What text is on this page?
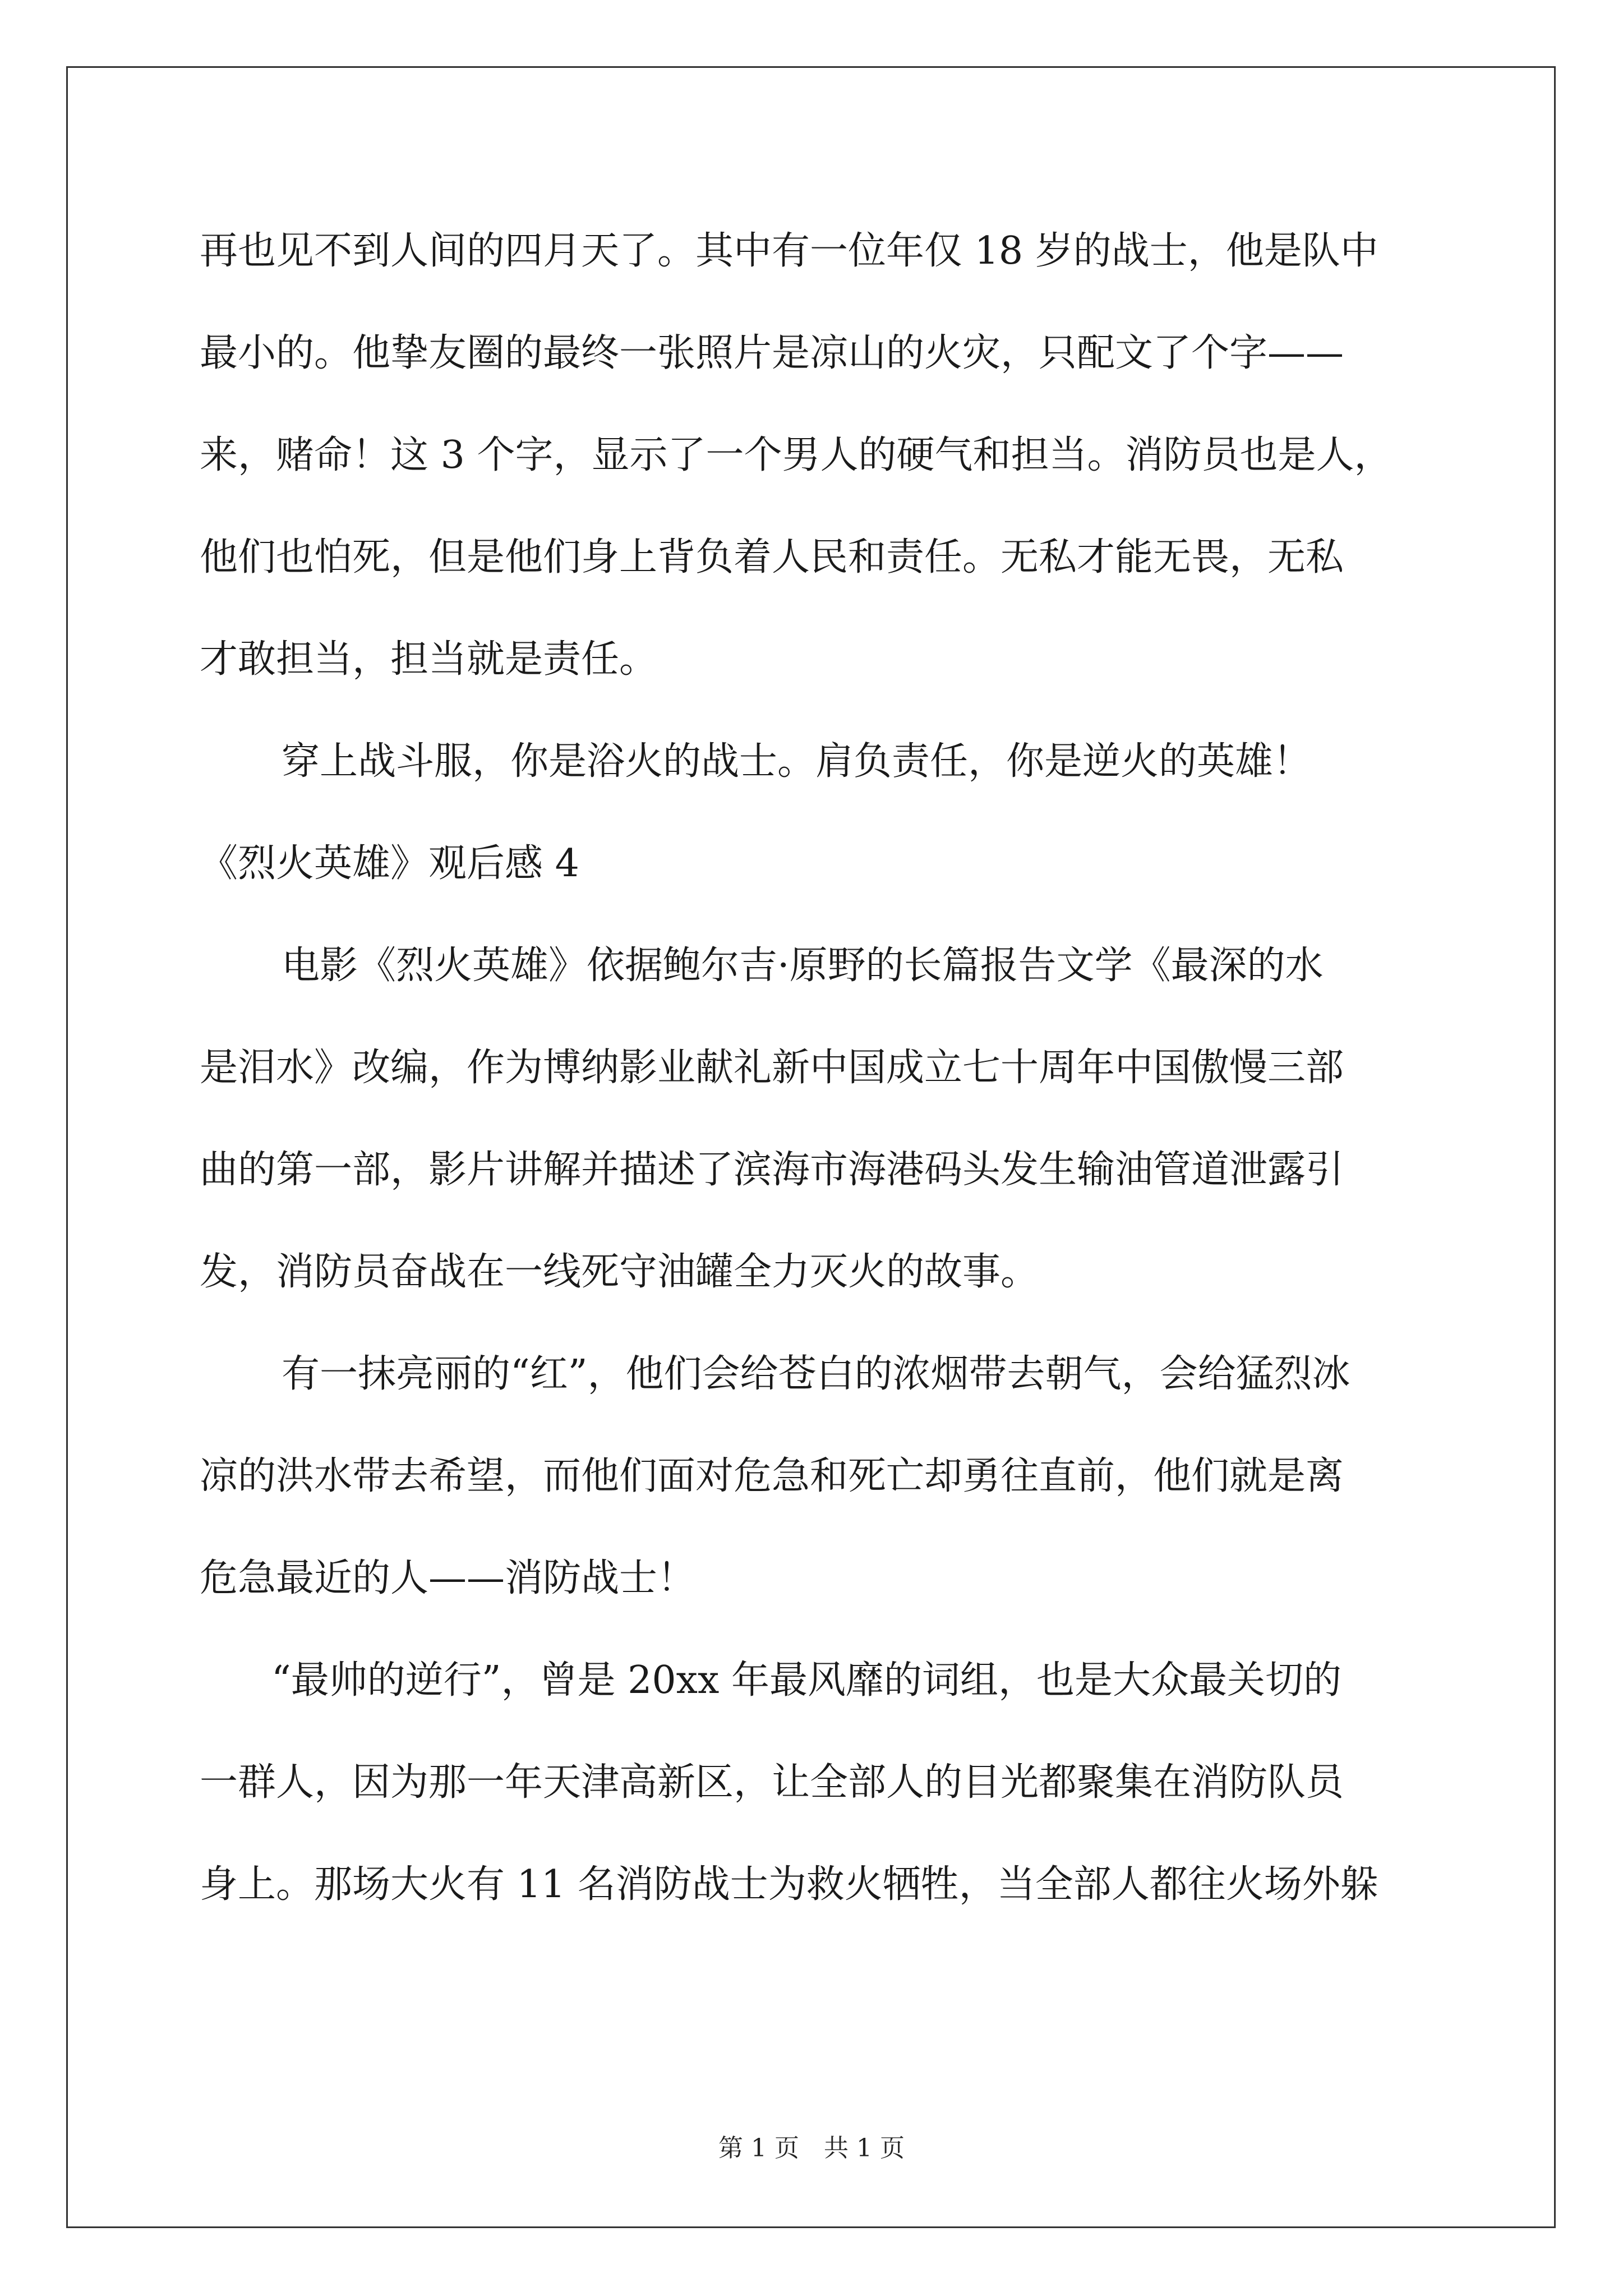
再也见不到人间的四月天了。其中有一位年仅 18 岁的战士，他是队中
最小的。他挚友圈的最终一张照片是凉山的火灾，只配文了个字——
来，赌命！这 3 个字，显示了一个男人的硬气和担当。消防员也是人，
他们也怕死，但是他们身上背负着人民和责任。无私才能无畏，无私
才敢担当，担当就是责任。
穿上战斗服，你是浴火的战士。肩负责任，你是逆火的英雄！
《烈火英雄》观后感 4
电影《烈火英雄》依据鲍尔吉·原野的长篇报告文学《最深的水
是泪水》改编，作为博纳影业献礼新中国成立七十周年中国傲慢三部
曲的第一部，影片讲解并描述了滨海市海港码头发生输油管道泄露引
发，消防员奋战在一线死守油罐全力灭火的故事。
有一抹亮丽的“红”，他们会给苍白的浓烟带去朝气，会给猛烈冰
凉的洪水带去希望，而他们面对危急和死亡却勇往直前，他们就是离
危急最近的人——消防战士！
“最帅的逆行”，曾是 20xx 年最风靡的词组，也是大众最关切的
一群人，因为那一年天津高新区，让全部人的目光都聚集在消防队员
身上。那场大火有 11 名消防战士为救火牺牲，当全部人都往火场外躲
第 1 页　共 1 页
